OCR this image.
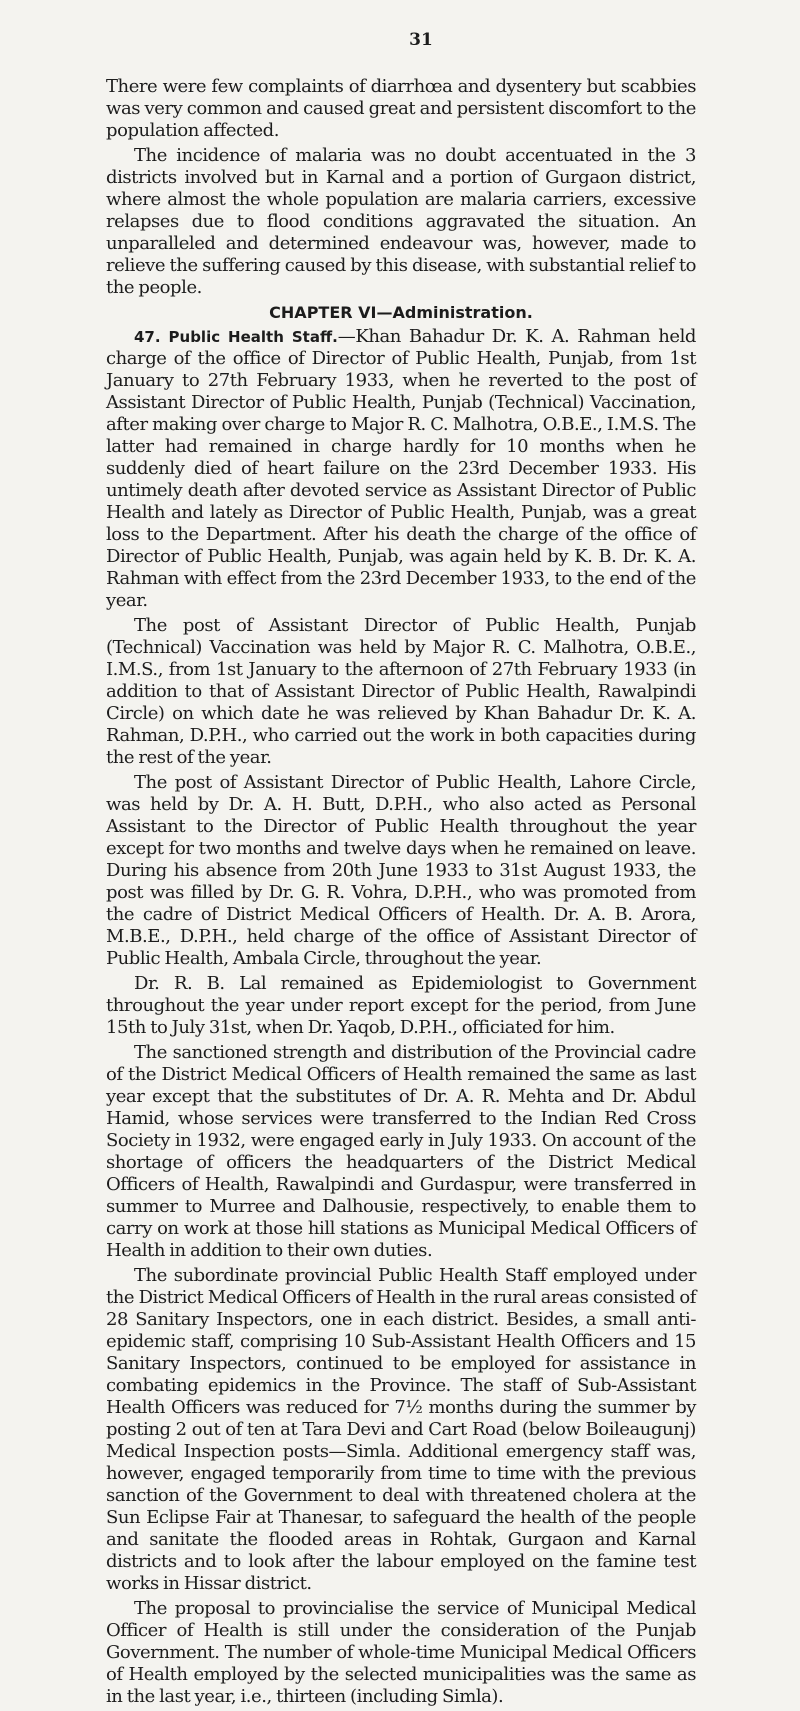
31

There were few complaints of diarrhœa and dysentery but scabbies was very common and caused great and persistent discomfort to the population affected.

The incidence of malaria was no doubt accentuated in the 3 districts involved but in Karnal and a portion of Gurgaon district, where almost the whole population are malaria carriers, excessive relapses due to flood conditions aggravated the situation. An unparalleled and determined endeavour was, however, made to relieve the suffering caused by this disease, with substantial relief to the people.

CHAPTER VI—Administration.

47. Public Health Staff.—Khan Bahadur Dr. K. A. Rahman held charge of the office of Director of Public Health, Punjab, from 1st January to 27th February 1933, when he reverted to the post of Assistant Director of Public Health, Punjab (Technical) Vaccination, after making over charge to Major R. C. Malhotra, O.B.E., I.M.S. The latter had remained in charge hardly for 10 months when he suddenly died of heart failure on the 23rd December 1933. His untimely death after devoted service as Assistant Director of Public Health and lately as Director of Public Health, Punjab, was a great loss to the Department. After his death the charge of the office of Director of Public Health, Punjab, was again held by K. B. Dr. K. A. Rahman with effect from the 23rd December 1933, to the end of the year.

The post of Assistant Director of Public Health, Punjab (Technical) Vaccination was held by Major R. C. Malhotra, O.B.E., I.M.S., from 1st January to the afternoon of 27th February 1933 (in addition to that of Assistant Director of Public Health, Rawalpindi Circle) on which date he was relieved by Khan Bahadur Dr. K. A. Rahman, D.P.H., who carried out the work in both capacities during the rest of the year.

The post of Assistant Director of Public Health, Lahore Circle, was held by Dr. A. H. Butt, D.P.H., who also acted as Personal Assistant to the Director of Public Health throughout the year except for two months and twelve days when he remained on leave. During his absence from 20th June 1933 to 31st August 1933, the post was filled by Dr. G. R. Vohra, D.P.H., who was promoted from the cadre of District Medical Officers of Health. Dr. A. B. Arora, M.B.E., D.P.H., held charge of the office of Assistant Director of Public Health, Ambala Circle, throughout the year.

Dr. R. B. Lal remained as Epidemiologist to Government throughout the year under report except for the period, from June 15th to July 31st, when Dr. Yaqob, D.P.H., officiated for him.

The sanctioned strength and distribution of the Provincial cadre of the District Medical Officers of Health remained the same as last year except that the substitutes of Dr. A. R. Mehta and Dr. Abdul Hamid, whose services were transferred to the Indian Red Cross Society in 1932, were engaged early in July 1933. On account of the shortage of officers the headquarters of the District Medical Officers of Health, Rawalpindi and Gurdaspur, were transferred in summer to Murree and Dalhousie, respectively, to enable them to carry on work at those hill stations as Municipal Medical Officers of Health in addition to their own duties.

The subordinate provincial Public Health Staff employed under the District Medical Officers of Health in the rural areas consisted of 28 Sanitary Inspectors, one in each district. Besides, a small anti-epidemic staff, comprising 10 Sub-Assistant Health Officers and 15 Sanitary Inspectors, continued to be employed for assistance in combating epidemics in the Province. The staff of Sub-Assistant Health Officers was reduced for 7½ months during the summer by posting 2 out of ten at Tara Devi and Cart Road (below Boileaugunj) Medical Inspection posts—Simla. Additional emergency staff was, however, engaged temporarily from time to time with the previous sanction of the Government to deal with threatened cholera at the Sun Eclipse Fair at Thanesar, to safeguard the health of the people and sanitate the flooded areas in Rohtak, Gurgaon and Karnal districts and to look after the labour employed on the famine test works in Hissar district.

The proposal to provincialise the service of Municipal Medical Officer of Health is still under the consideration of the Punjab Government. The number of whole-time Municipal Medical Officers of Health employed by the selected municipalities was the same as in the last year, i.e., thirteen (including Simla).
